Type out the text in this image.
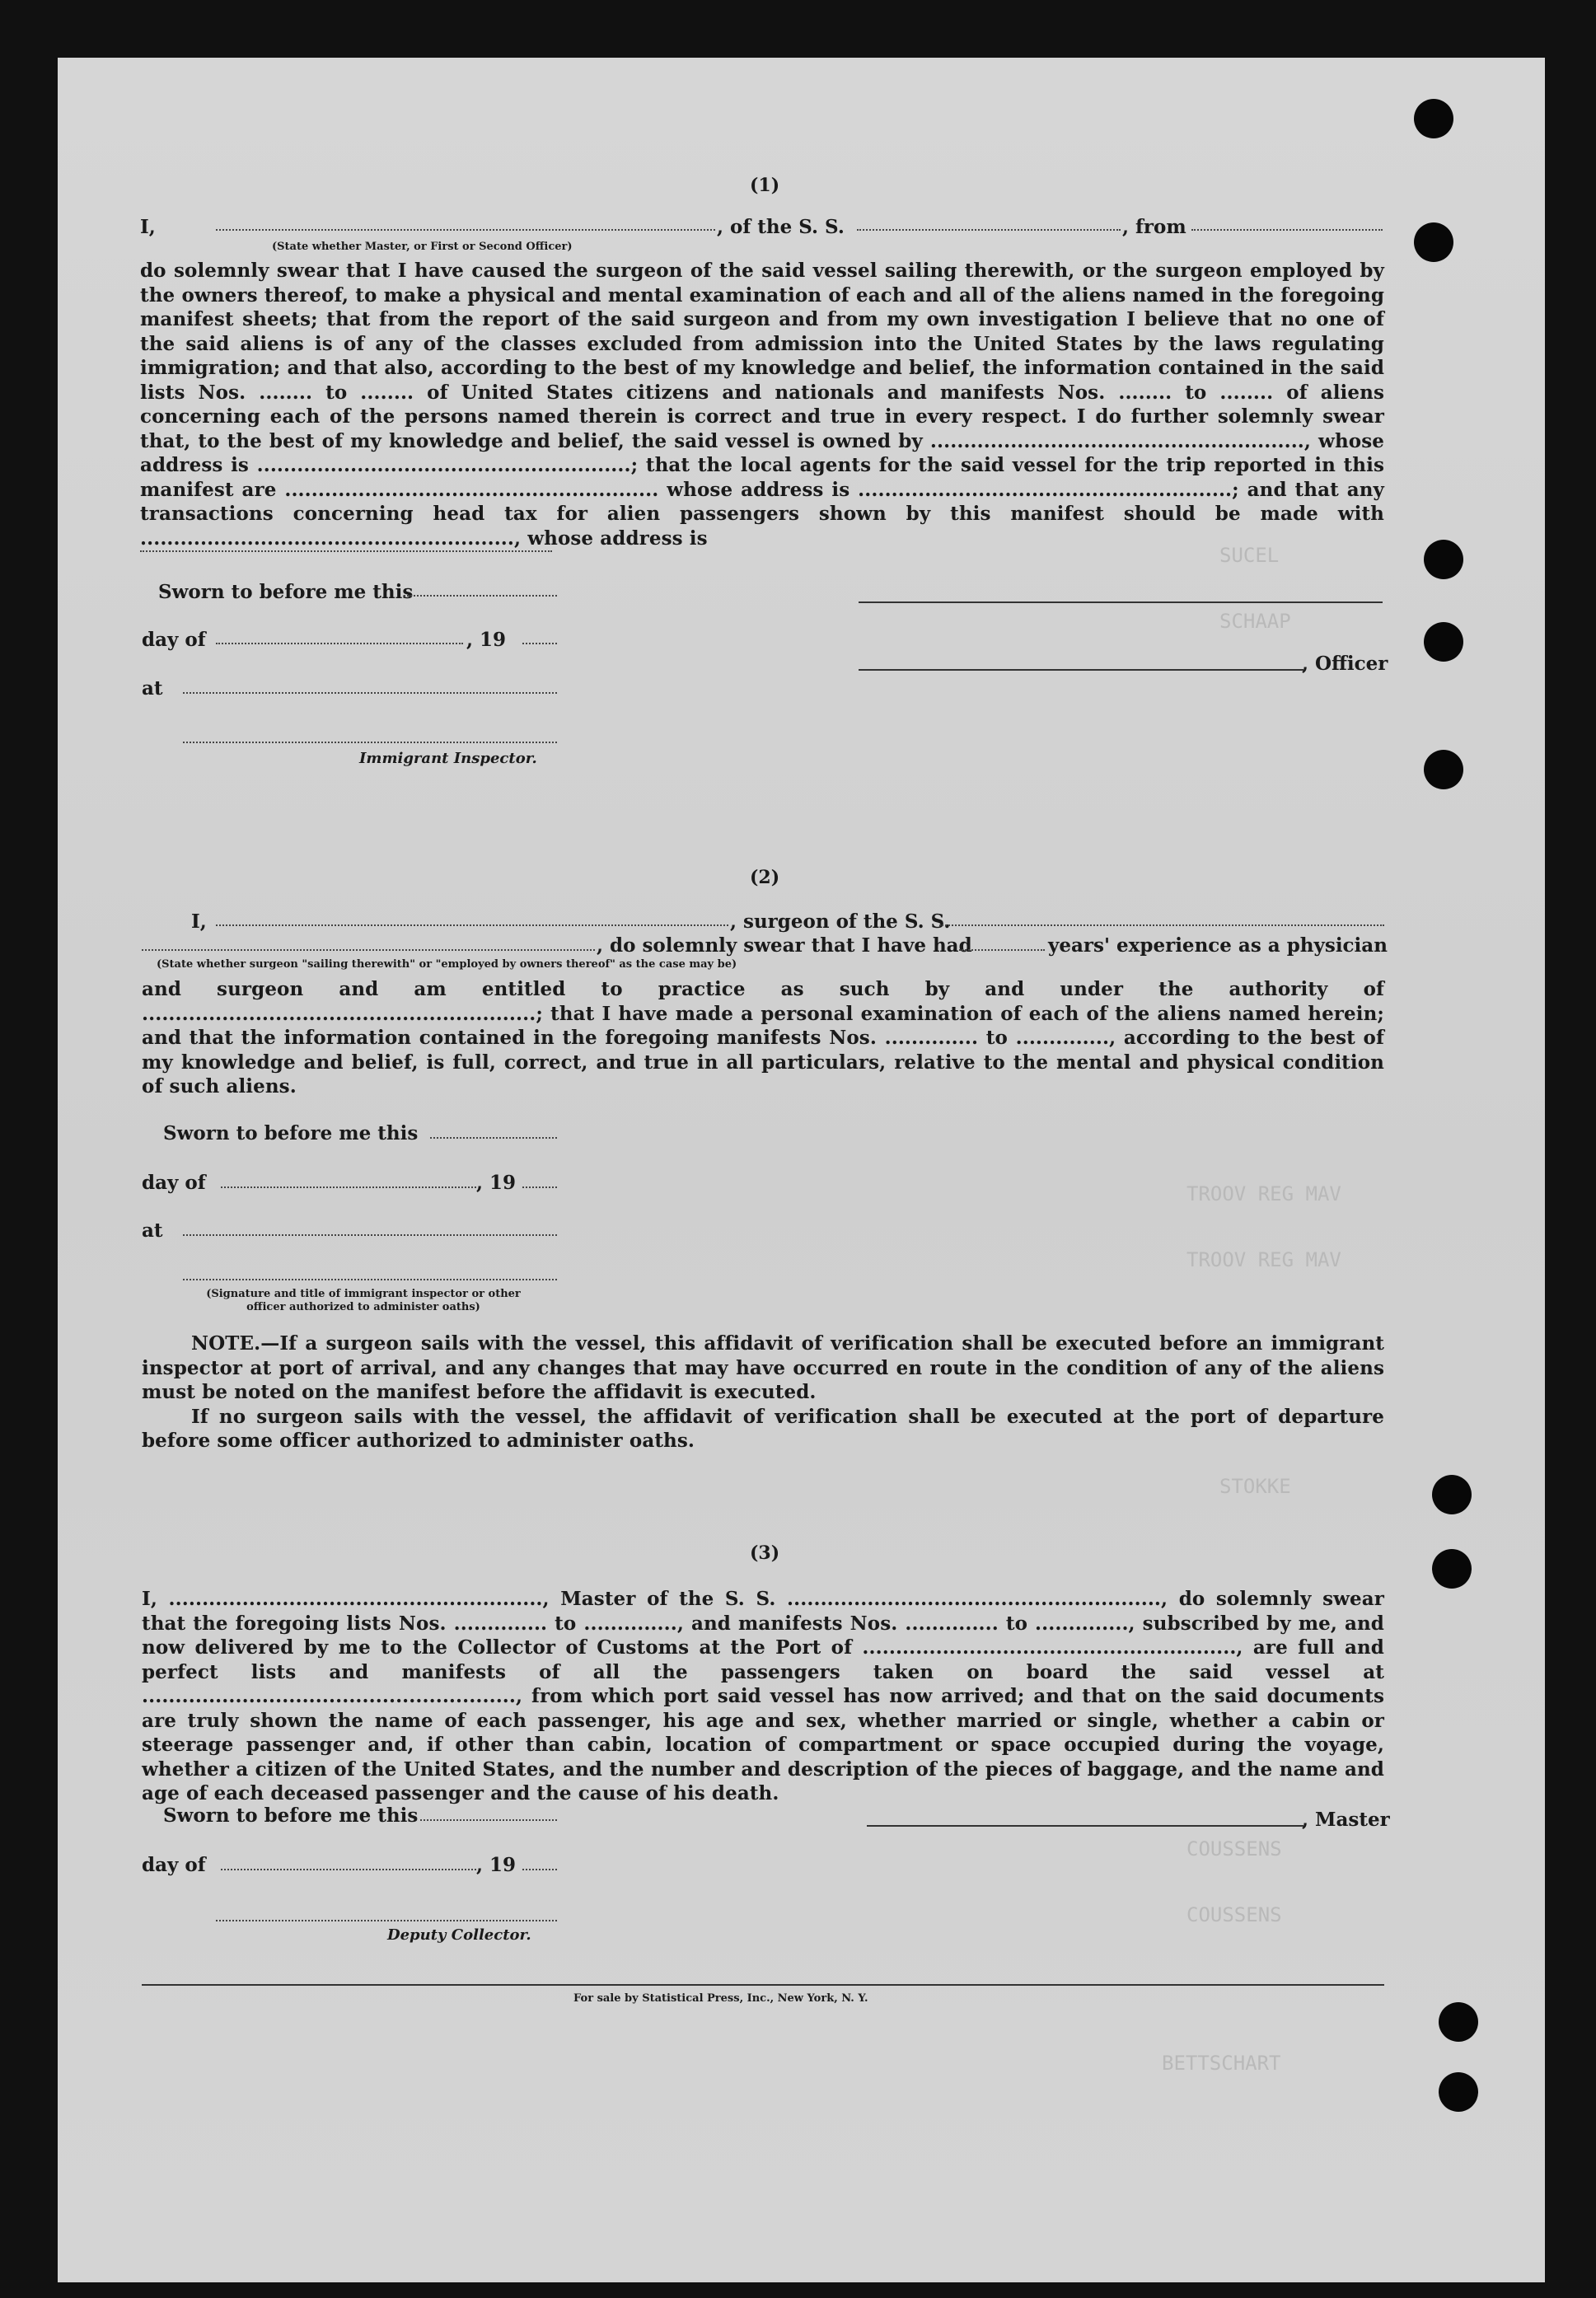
SUCEL
SCHAAP
TROOV REG MAV
TROOV REG MAV
STOKKE
COUSSENS
COUSSENS
BETTSCHART
(1)
I,
(State whether Master, or First or Second Officer)
, of the S. S.	, from

do solemnly swear that I have caused the surgeon of the said vessel sailing therewith, or the surgeon employed by the owners thereof, to make a physical and mental examination of each and all of the aliens named in the foregoing manifest sheets; that from the report of the said surgeon and from my own investigation I believe that no one of the said aliens is of any of the classes excluded from admission into the United States by the laws regulating immigration; and that also, according to the best of my knowledge and belief, the information contained in the said lists Nos. ........ to ........ of United States citizens and nationals and manifests Nos. ........ to ........ of aliens concerning each of the persons named therein is correct and true in every respect. I do further solemnly swear that, to the best of my knowledge and belief, the said vessel is owned by ........................................................, whose address is ........................................................; that the local agents for the said vessel for the trip reported in this manifest are ........................................................ whose address is ........................................................; and that any transactions concerning head tax for alien passengers shown by this manifest should be made with ........................................................, whose address is

Sworn to before me this
day of	, 19
, Officer
at
Immigrant Inspector.
(2)
I,	, surgeon of the S. S.
(State whether surgeon "sailing therewith" or "employed by owners thereof" as the case may be)
, do solemnly swear that I have had	years' experience as a physician

and surgeon and am entitled to practice as such by and under the authority of ...........................................................; that I have made a personal examination of each of the aliens named herein; and that the information contained in the foregoing manifests Nos. .............. to .............., according to the best of my knowledge and belief, is full, correct, and true in all particulars, relative to the mental and physical condition of such aliens.

Sworn to before me this
day of	, 19
at
(Signature and title of immigrant inspector or other officer authorized to administer oaths)

NOTE.—If a surgeon sails with the vessel, this affidavit of verification shall be executed before an immigrant inspector at port of arrival, and any changes that may have occurred en route in the condition of any of the aliens must be noted on the manifest before the affidavit is executed.

If no surgeon sails with the vessel, the affidavit of verification shall be executed at the port of departure before some officer authorized to administer oaths.

(3)

I, ........................................................, Master of the S. S. ........................................................, do solemnly swear that the foregoing lists Nos. .............. to .............., and manifests Nos. .............. to .............., subscribed by me, and now delivered by me to the Collector of Customs at the Port of ........................................................, are full and perfect lists and manifests of all the passengers taken on board the said vessel at ........................................................, from which port said vessel has now arrived; and that on the said documents are truly shown the name of each passenger, his age and sex, whether married or single, whether a cabin or steerage passenger and, if other than cabin, location of compartment or space occupied during the voyage, whether a citizen of the United States, and the number and description of the pieces of baggage, and the name and age of each deceased passenger and the cause of his death.

Sworn to before me this	, Master
day of	, 19
Deputy Collector.
For sale by Statistical Press, Inc., New York, N. Y.
